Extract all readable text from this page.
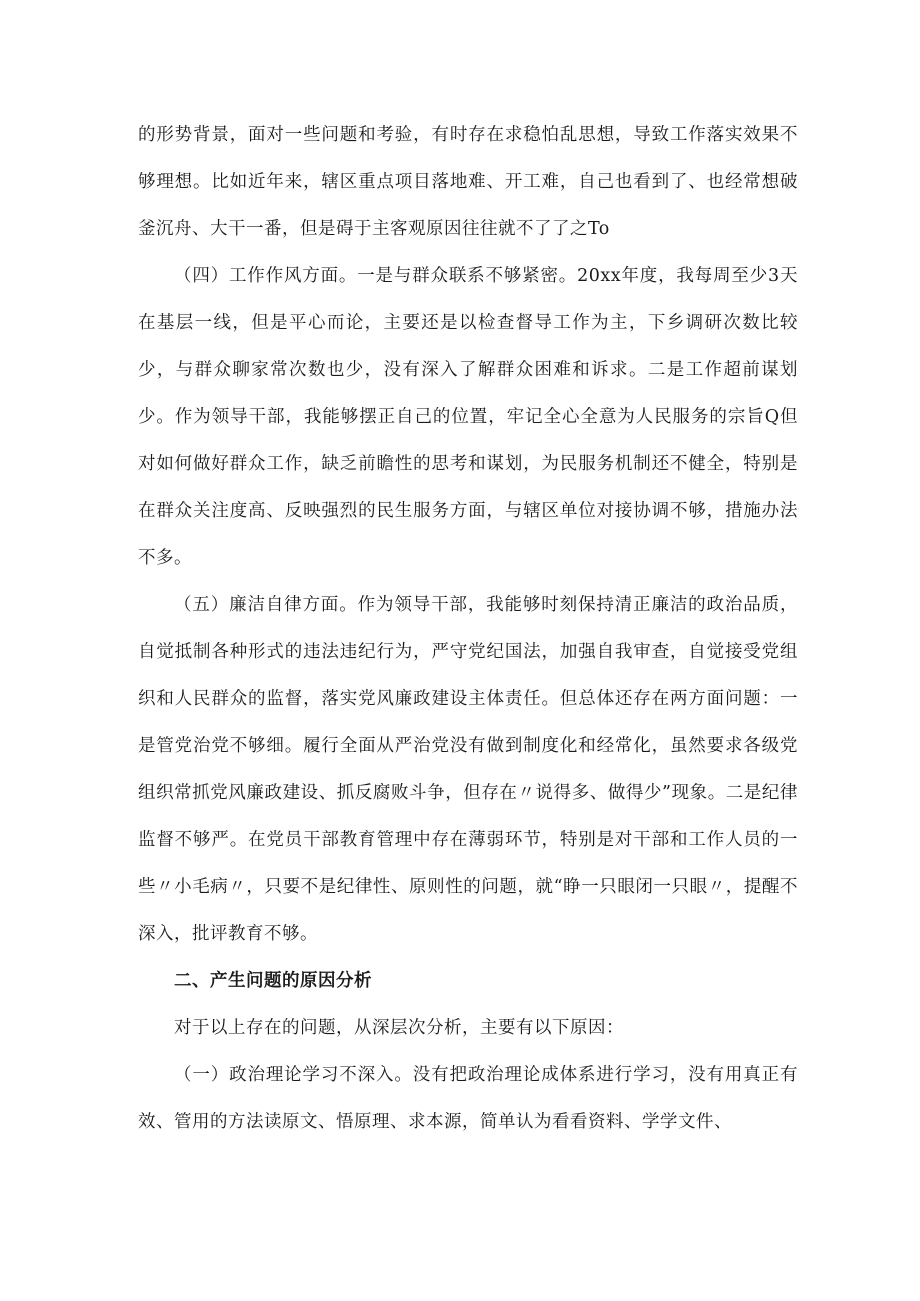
的形势背景，面对一些问题和考验，有时存在求稳怕乱思想，导致工作落实效果不够理想。比如近年来，辖区重点项目落地难、开工难，自己也看到了、也经常想破釜沉舟、大干一番，但是碍于主客观原因往往就不了了之To

（四）工作作风方面。一是与群众联系不够紧密。20xx年度，我每周至少3天在基层一线，但是平心而论，主要还是以检查督导工作为主，下乡调研次数比较少，与群众聊家常次数也少，没有深入了解群众困难和诉求。二是工作超前谋划少。作为领导干部，我能够摆正自己的位置，牢记全心全意为人民服务的宗旨Q但对如何做好群众工作，缺乏前瞻性的思考和谋划，为民服务机制还不健全，特别是在群众关注度高、反映强烈的民生服务方面，与辖区单位对接协调不够，措施办法不多。

（五）廉洁自律方面。作为领导干部，我能够时刻保持清正廉洁的政治品质，自觉抵制各种形式的违法违纪行为，严守党纪国法，加强自我审查，自觉接受党组织和人民群众的监督，落实党风廉政建设主体责任。但总体还存在两方面问题：一是管党治党不够细。履行全面从严治党没有做到制度化和经常化，虽然要求各级党组织常抓党风廉政建设、抓反腐败斗争，但存在〃说得多、做得少”现象。二是纪律监督不够严。在党员干部教育管理中存在薄弱环节，特别是对干部和工作人员的一些〃小毛病〃，只要不是纪律性、原则性的问题，就“睁一只眼闭一只眼〃，提醒不深入，批评教育不够。

二、产生问题的原因分析

对于以上存在的问题，从深层次分析，主要有以下原因：

（一）政治理论学习不深入。没有把政治理论成体系进行学习，没有用真正有效、管用的方法读原文、悟原理、求本源，简单认为看看资料、学学文件、
